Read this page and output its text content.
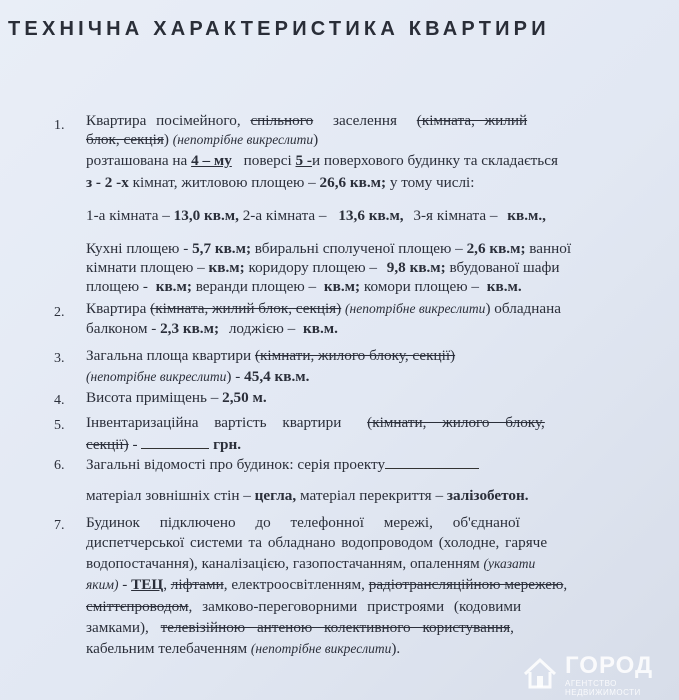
ТЕХНІЧНА ХАРАКТЕРИСТИКА КВАРТИРИ
1. Квартира посімейного, спільного заселення (кімната, жилий
блок, секція) (непотрібне викреслити)
розташована на 4 – му поверсі 5 -и поверхового будинку та складається
з - 2 -х кімнат, житловою площею – 26,6 кв.м; у тому числі:
1-а кімната – 13,0 кв.м, 2-а кімната – 13,6 кв.м, 3-я кімната – кв.м.,
Кухні площею - 5,7 кв.м; вбиральні сполученої площею – 2,6 кв.м; ванної
кімнати площею – кв.м; коридору площею – 9,8 кв.м; вбудованої шафи
площею - кв.м; веранди площею – кв.м; комори площею – кв.м.
2. Квартира (кімната, жилий блок, секція) (непотрібне викреслити) обладнана
балконом - 2,3 кв.м; лоджією – кв.м.
3. Загальна площа квартири (кімнати, жилого блоку, секції)
(непотрібне викреслити) - 45,4 кв.м.
4. Висота приміщень – 2,50 м.
5. Інвентаризаційна вартість квартири (кімнати, жилого блоку,
секції) -	грн.
6. Загальні відомості про будинок: серія проекту
матеріал зовнішніх стін – цегла, матеріал перекриття – залізобетон.
7. Будинок підключено до телефонної мережі, об'єднаної
диспетчерської системи та обладнано водопроводом (холодне, гаряче
водопостачання), каналізацією, газопостачанням, опаленням (указати
яким) - ТЕЦ, ліфтами, електроосвітленням, радіотрансляційною мережею,
сміттєпроводом, замково-переговорними пристроями (кодовими
замками), телевізійною антеною колективного користування,
кабельним телебаченням (непотрібне викреслити).
ГОРОД
АГЕНТСТВО НЕДВИЖИМОСТИ
